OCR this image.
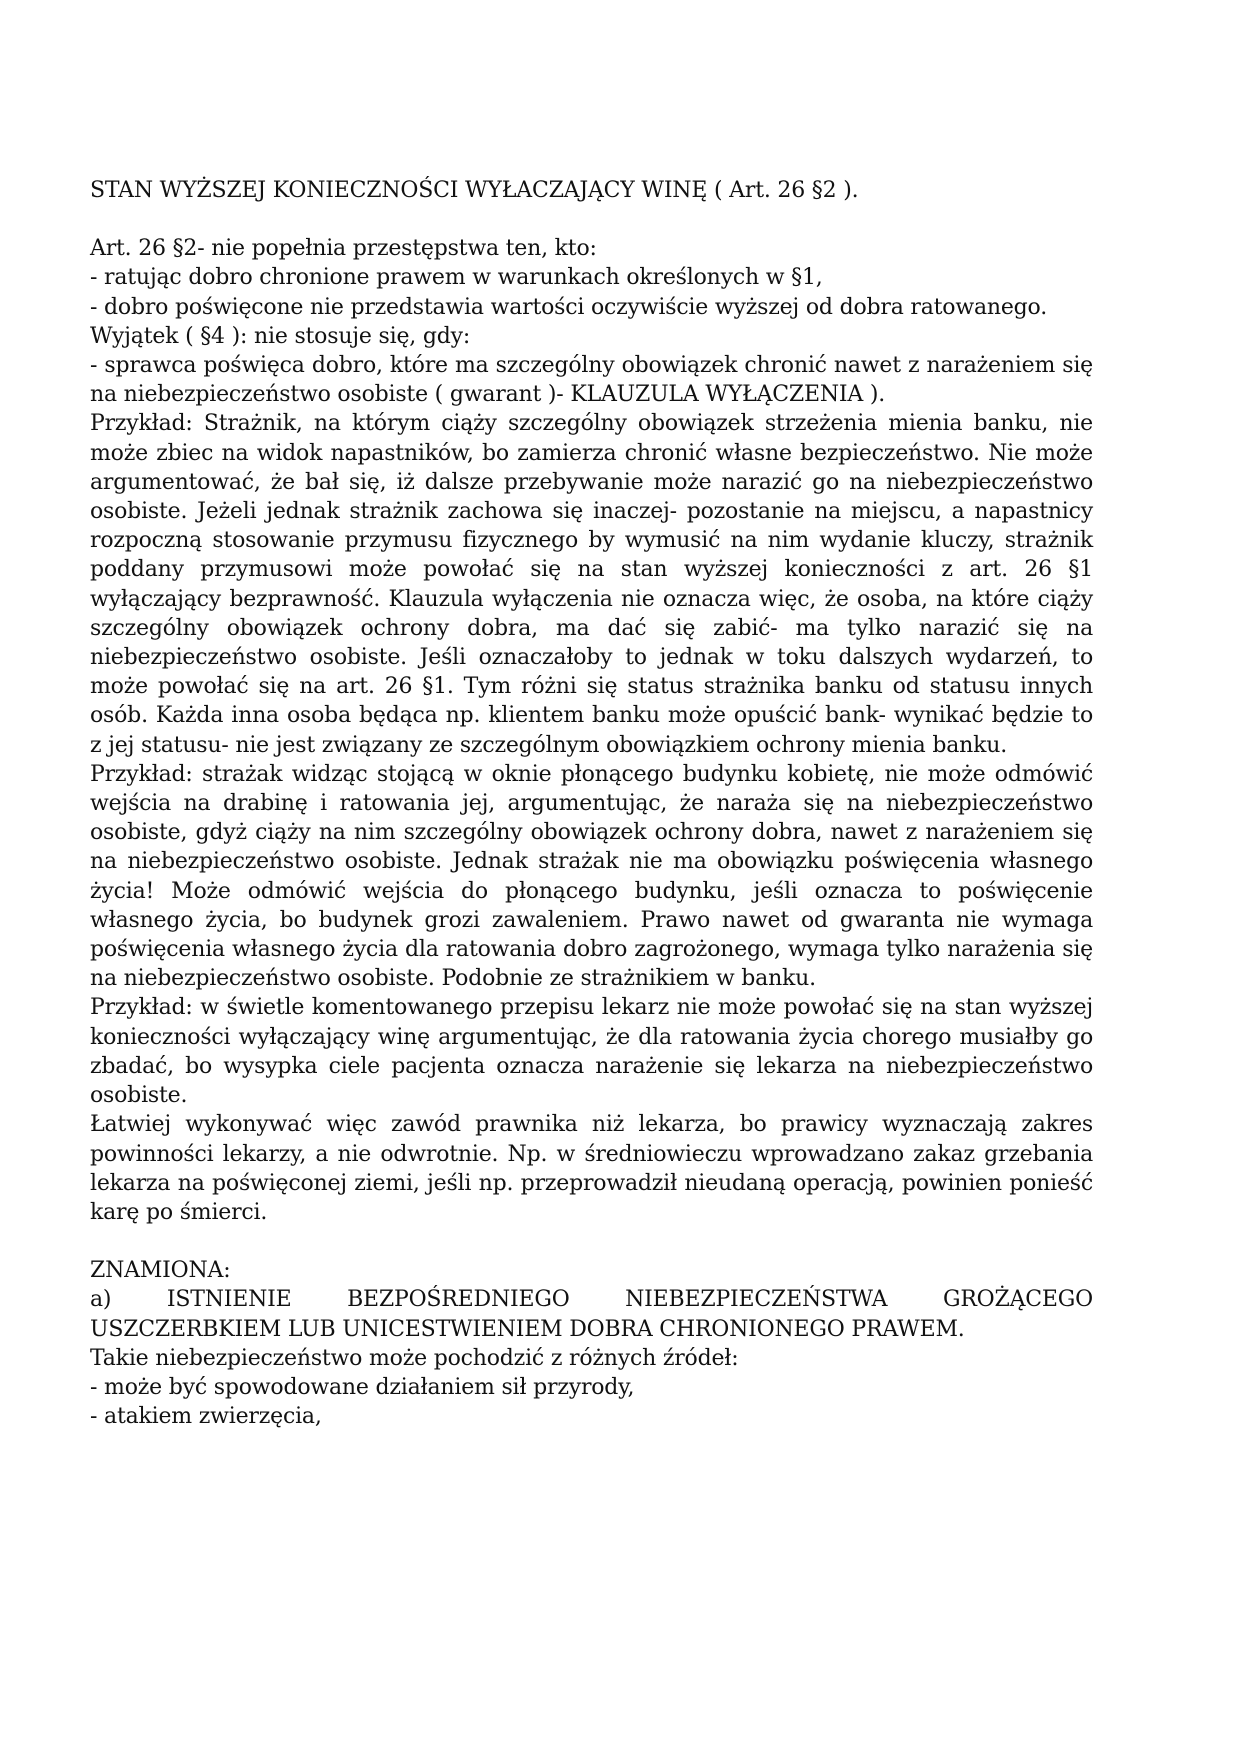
STAN WYŻSZEJ KONIECZNOŚCI WYŁACZAJĄCY WINĘ ( Art. 26 §2 ).

Art. 26 §2- nie popełnia przestępstwa ten, kto:

- ratując dobro chronione prawem w warunkach określonych w §1,

- dobro poświęcone nie przedstawia wartości oczywiście wyższej od dobra ratowanego.

Wyjątek ( §4 ): nie stosuje się, gdy:

- sprawca poświęca dobro, które ma szczególny obowiązek chronić nawet z narażeniem się na niebezpieczeństwo osobiste ( gwarant )- KLAUZULA WYŁĄCZENIA ).

Przykład: Strażnik, na którym ciąży szczególny obowiązek strzeżenia mienia banku, nie może zbiec na widok napastników, bo zamierza chronić własne bezpieczeństwo. Nie może argumentować, że bał się, iż dalsze przebywanie może narazić go na niebezpieczeństwo osobiste. Jeżeli jednak strażnik zachowa się inaczej- pozostanie na miejscu, a napastnicy rozpoczną stosowanie przymusu fizycznego by wymusić na nim wydanie kluczy, strażnik poddany przymusowi może powołać się na stan wyższej konieczności z art. 26 §1 wyłączający bezprawność. Klauzula wyłączenia nie oznacza więc, że osoba, na które ciąży szczególny obowiązek ochrony dobra, ma dać się zabić- ma tylko narazić się na niebezpieczeństwo osobiste. Jeśli oznaczałoby to jednak w toku dalszych wydarzeń, to może powołać się na art. 26 §1. Tym różni się status strażnika banku od statusu innych osób. Każda inna osoba będąca np. klientem banku może opuścić bank- wynikać będzie to z jej statusu- nie jest związany ze szczególnym obowiązkiem ochrony mienia banku.

Przykład: strażak widząc stojącą w oknie płonącego budynku kobietę, nie może odmówić wejścia na drabinę i ratowania jej, argumentując, że naraża się na niebezpieczeństwo osobiste, gdyż ciąży na nim szczególny obowiązek ochrony dobra, nawet z narażeniem się na niebezpieczeństwo osobiste. Jednak strażak nie ma obowiązku poświęcenia własnego życia! Może odmówić wejścia do płonącego budynku, jeśli oznacza to poświęcenie własnego życia, bo budynek grozi zawaleniem. Prawo nawet od gwaranta nie wymaga poświęcenia własnego życia dla ratowania dobro zagrożonego, wymaga tylko narażenia się na niebezpieczeństwo osobiste. Podobnie ze strażnikiem w banku.

Przykład: w świetle komentowanego przepisu lekarz nie może powołać się na stan wyższej konieczności wyłączający winę argumentując, że dla ratowania życia chorego musiałby go zbadać, bo wysypka ciele pacjenta oznacza narażenie się lekarza na niebezpieczeństwo osobiste.

Łatwiej wykonywać więc zawód prawnika niż lekarza, bo prawicy wyznaczają zakres powinności lekarzy, a nie odwrotnie. Np. w średniowieczu wprowadzano zakaz grzebania lekarza na poświęconej ziemi, jeśli np. przeprowadził nieudaną operacją, powinien ponieść karę po śmierci.

ZNAMIONA:

a) ISTNIENIE BEZPOŚREDNIEGO NIEBEZPIECZEŃSTWA GROŻĄCEGO USZCZERBKIEM LUB UNICESTWIENIEM DOBRA CHRONIONEGO PRAWEM.

Takie niebezpieczeństwo może pochodzić z różnych źródeł:

- może być spowodowane działaniem sił przyrody,

- atakiem zwierzęcia,
